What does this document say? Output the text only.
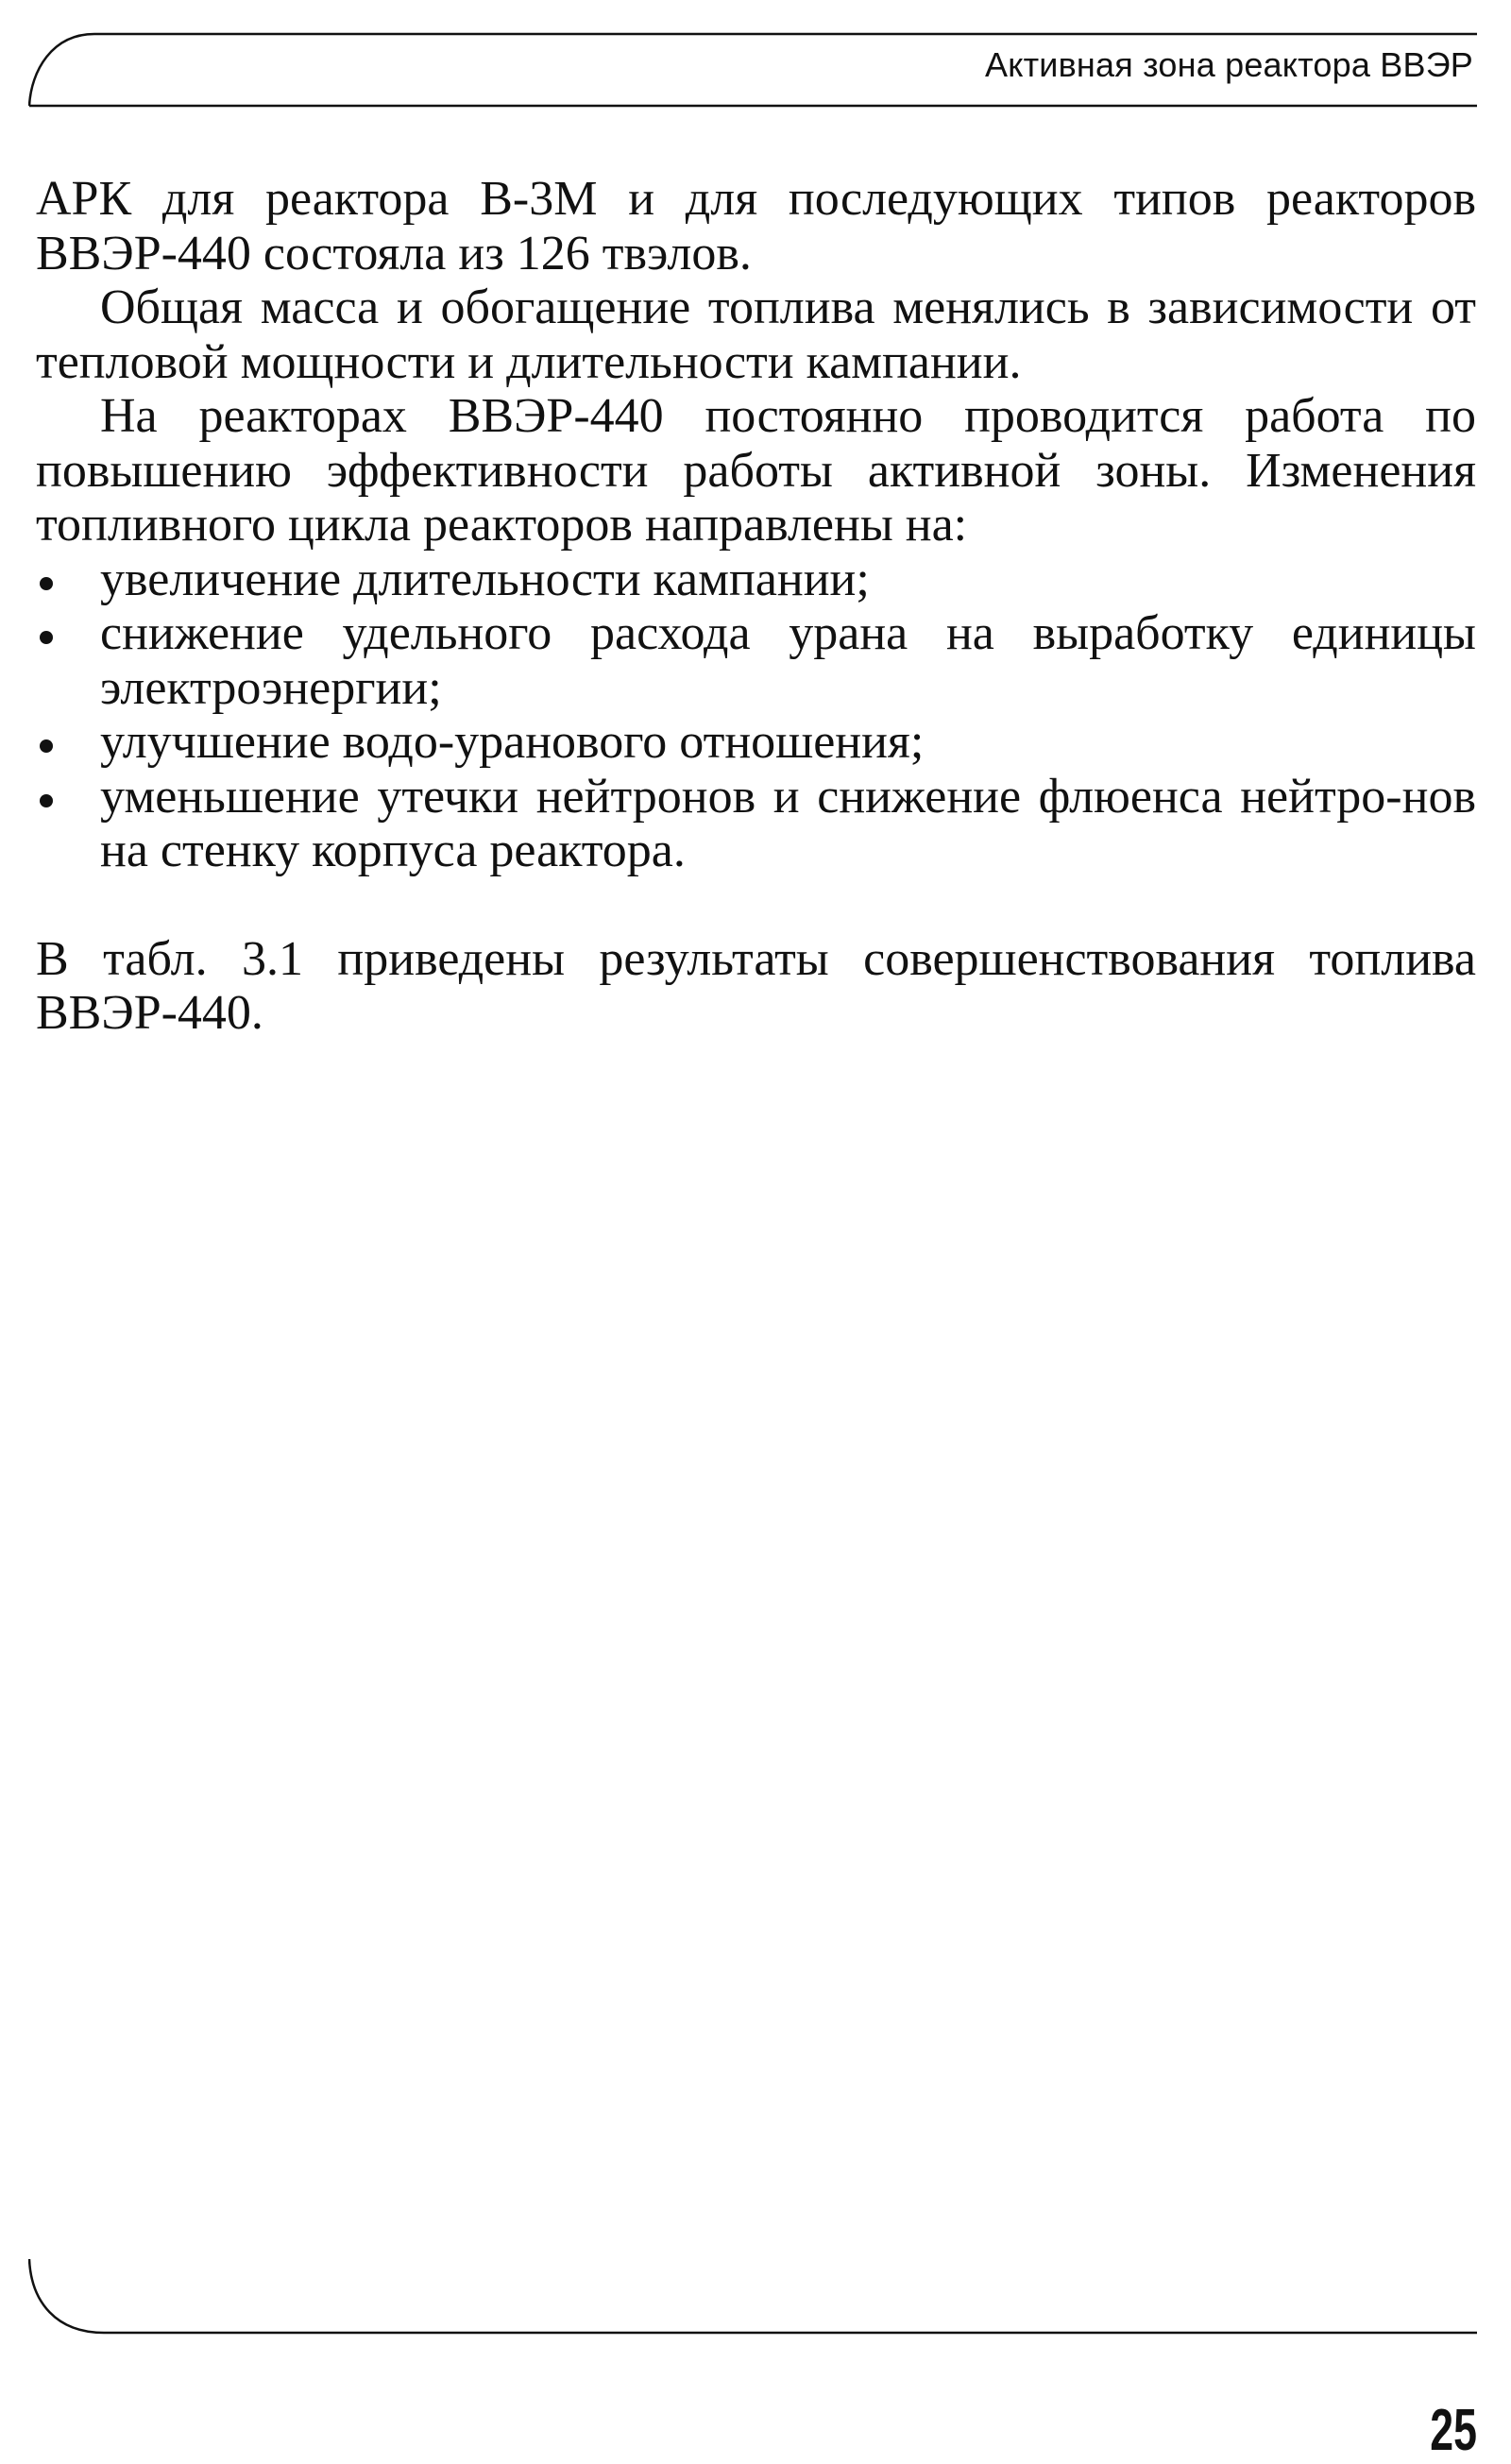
Активная зона реактора ВВЭР

АРК для реактора В-3М и для последующих типов реакторов ВВЭР-440 состояла из 126 твэлов.

Общая масса и обогащение топлива менялись в зависимости от тепловой мощности и длительности кампании.

На реакторах ВВЭР-440 постоянно проводится работа по повышению эффективности работы активной зоны. Изменения топливного цикла реакторов направлены на:

увеличение длительности кампании;
снижение удельного расхода урана на выработку единицы электроэнергии;
улучшение водо-уранового отношения;
уменьшение утечки нейтронов и снижение флюенса нейтро-нов на стенку корпуса реактора.

В табл. 3.1 приведены результаты совершенствования топлива ВВЭР-440.

25
